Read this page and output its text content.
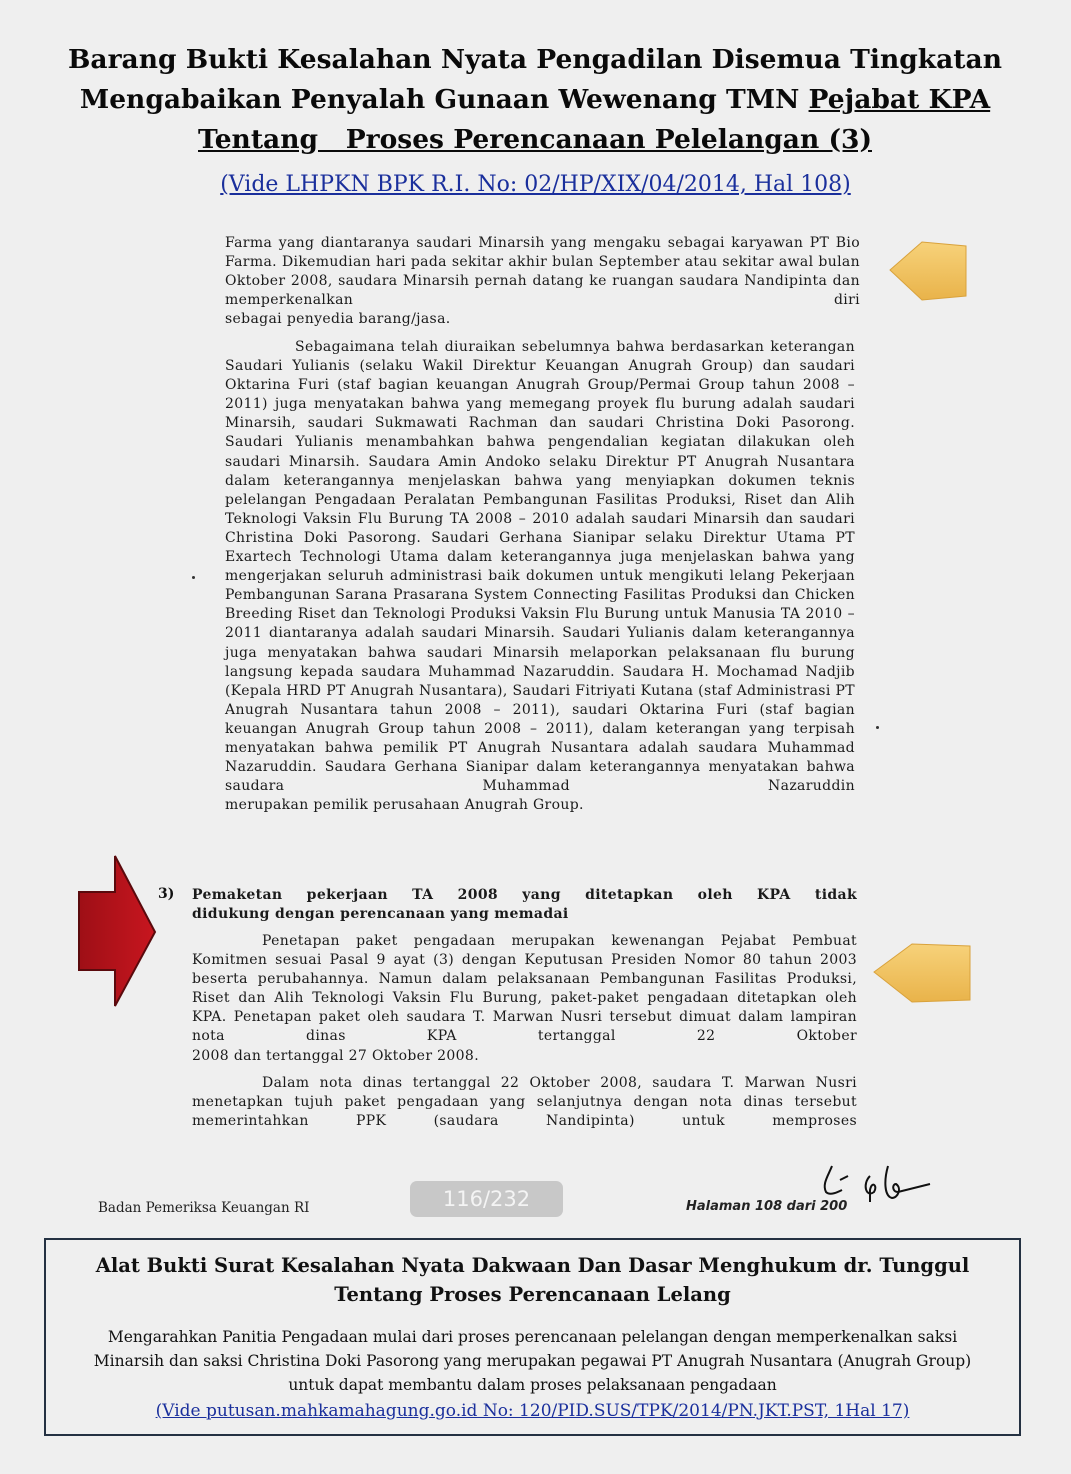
Barang Bukti Kesalahan Nyata Pengadilan Disemua Tingkatan
Mengabaikan Penyalah Gunaan Wewenang TMN Pejabat KPA
Tentang   Proses Perencanaan Pelelangan (3)
(Vide LHPKN BPK R.I. No: 02/HP/XIX/04/2014, Hal 108)
Farma yang diantaranya saudari Minarsih yang mengaku sebagai karyawan PT Bio Farma. Dikemudian hari pada sekitar akhir bulan September atau sekitar awal bulan Oktober 2008, saudara Minarsih pernah datang ke ruangan saudara Nandipinta dan memperkenalkan diri
sebagai penyedia barang/jasa.
Sebagaimana telah diuraikan sebelumnya bahwa berdasarkan keterangan Saudari Yulianis (selaku Wakil Direktur Keuangan Anugrah Group) dan saudari Oktarina Furi (staf bagian keuangan Anugrah Group/Permai Group tahun 2008 – 2011) juga menyatakan bahwa yang memegang proyek flu burung adalah saudari Minarsih, saudari Sukmawati Rachman dan saudari Christina Doki Pasorong. Saudari Yulianis menambahkan bahwa pengendalian kegiatan dilakukan oleh saudari Minarsih. Saudara Amin Andoko selaku Direktur PT Anugrah Nusantara dalam keterangannya menjelaskan bahwa yang menyiapkan dokumen teknis pelelangan Pengadaan Peralatan Pembangunan Fasilitas Produksi, Riset dan Alih Teknologi Vaksin Flu Burung TA 2008 – 2010 adalah saudari Minarsih dan saudari Christina Doki Pasorong. Saudari Gerhana Sianipar selaku Direktur Utama PT Exartech Technologi Utama dalam keterangannya juga menjelaskan bahwa yang mengerjakan seluruh administrasi baik dokumen untuk mengikuti lelang Pekerjaan Pembangunan Sarana Prasarana System Connecting Fasilitas Produksi dan Chicken Breeding Riset dan Teknologi Produksi Vaksin Flu Burung untuk Manusia TA 2010 – 2011 diantaranya adalah saudari Minarsih. Saudari Yulianis dalam keterangannya juga menyatakan bahwa saudari Minarsih melaporkan pelaksanaan flu burung langsung kepada saudara Muhammad Nazaruddin. Saudara H. Mochamad Nadjib (Kepala HRD PT Anugrah Nusantara), Saudari Fitriyati Kutana (staf Administrasi PT Anugrah Nusantara tahun 2008 – 2011), saudari Oktarina Furi (staf bagian keuangan Anugrah Group tahun 2008 – 2011), dalam keterangan yang terpisah menyatakan bahwa pemilik PT Anugrah Nusantara adalah saudara Muhammad Nazaruddin. Saudara Gerhana Sianipar dalam keterangannya menyatakan bahwa saudara Muhammad Nazaruddin
merupakan pemilik perusahaan Anugrah Group.
3) Pemaketan pekerjaan TA 2008 yang ditetapkan oleh KPA tidak
didukung dengan perencanaan yang memadai
Penetapan paket pengadaan merupakan kewenangan Pejabat Pembuat Komitmen sesuai Pasal 9 ayat (3) dengan Keputusan Presiden Nomor 80 tahun 2003 beserta perubahannya. Namun dalam pelaksanaan Pembangunan Fasilitas Produksi, Riset dan Alih Teknologi Vaksin Flu Burung, paket-paket pengadaan ditetapkan oleh KPA. Penetapan paket oleh saudara T. Marwan Nusri tersebut dimuat dalam lampiran nota dinas KPA tertanggal 22 Oktober
2008 dan tertanggal 27 Oktober 2008.
Dalam nota dinas tertanggal 22 Oktober 2008, saudara T. Marwan Nusri menetapkan tujuh paket pengadaan yang selanjutnya dengan nota dinas tersebut memerintahkan PPK (saudara Nandipinta) untuk memproses
Badan Pemeriksa Keuangan RI	116/232	Halaman 108 dari 200
Alat Bukti Surat Kesalahan Nyata Dakwaan Dan Dasar Menghukum dr. Tunggul
Tentang Proses Perencanaan Lelang
Mengarahkan Panitia Pengadaan mulai dari proses perencanaan pelelangan dengan memperkenalkan saksi
Minarsih dan saksi Christina Doki Pasorong yang merupakan pegawai PT Anugrah Nusantara (Anugrah Group)
untuk dapat membantu dalam proses pelaksanaan pengadaan
(Vide putusan.mahkamahagung.go.id No: 120/PID.SUS/TPK/2014/PN.JKT.PST, 1Hal 17)
